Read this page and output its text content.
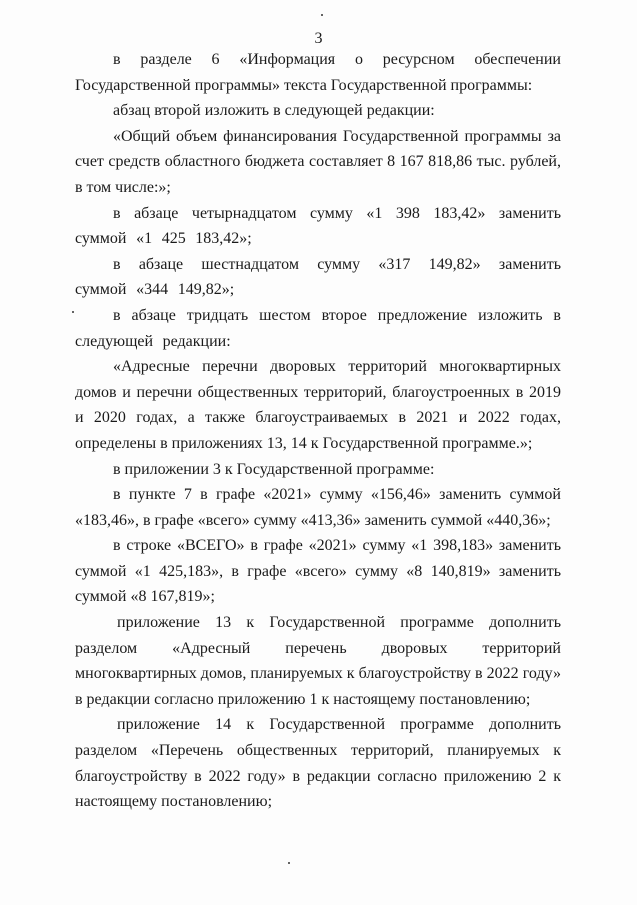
3

в разделе 6 «Информация о ресурсном обеспечении Государственной программы» текста Государственной программы:

абзац второй изложить в следующей редакции:

«Общий объем финансирования Государственной программы за счет средств областного бюджета составляет 8 167 818,86 тыс. рублей, в том числе:»;

в абзаце четырнадцатом сумму «1 398 183,42» заменить суммой «1 425 183,42»;

в абзаце шестнадцатом сумму «317 149,82» заменить суммой «344 149,82»;

в абзаце тридцать шестом второе предложение изложить в следующей редакции:

«Адресные перечни дворовых территорий многоквартирных домов и перечни общественных территорий, благоустроенных в 2019 и 2020 годах, а также благоустраиваемых в 2021 и 2022 годах, определены в приложениях 13, 14 к Государственной программе.»;

в приложении 3 к Государственной программе:

в пункте 7 в графе «2021» сумму «156,46» заменить суммой «183,46», в графе «всего» сумму «413,36» заменить суммой «440,36»;

в строке «ВСЕГО» в графе «2021» сумму «1 398,183» заменить суммой «1 425,183», в графе «всего» сумму «8 140,819» заменить суммой «8 167,819»;

приложение 13 к Государственной программе дополнить разделом «Адресный перечень дворовых территорий многоквартирных домов, планируемых к благоустройству в 2022 году» в редакции согласно приложению 1 к настоящему постановлению;

приложение 14 к Государственной программе дополнить разделом «Перечень общественных территорий, планируемых к благоустройству в 2022 году» в редакции согласно приложению 2 к настоящему постановлению;
